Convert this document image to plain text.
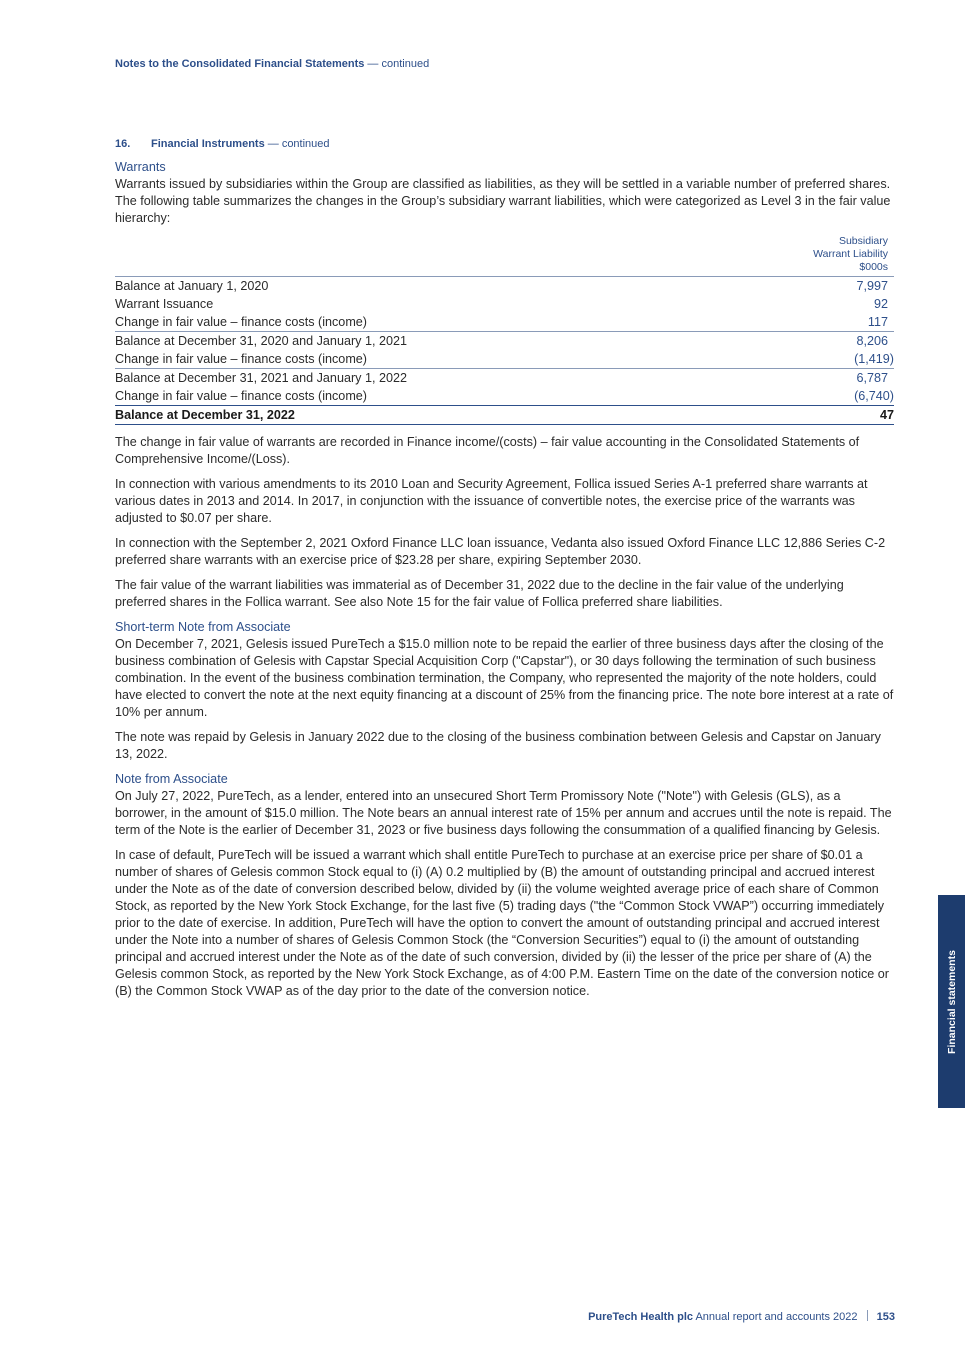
Notes to the Consolidated Financial Statements — continued
16. Financial Instruments — continued
Warrants

Warrants issued by subsidiaries within the Group are classified as liabilities, as they will be settled in a variable number of preferred shares. The following table summarizes the changes in the Group’s subsidiary warrant liabilities, which were categorized as Level 3 in the fair value hierarchy:

	Subsidiary
Warrant Liability
$000s

Balance at January 1, 2020	7,997
Warrant Issuance	92
Change in fair value – finance costs (income)	117
Balance at December 31, 2020 and January 1, 2021	8,206
Change in fair value – finance costs (income)	(1,419)
Balance at December 31, 2021 and January 1, 2022	6,787
Change in fair value – finance costs (income)	(6,740)
Balance at December 31, 2022	47

The change in fair value of warrants are recorded in Finance income/(costs) – fair value accounting in the Consolidated Statements of Comprehensive Income/(Loss).

In connection with various amendments to its 2010 Loan and Security Agreement, Follica issued Series A-1 preferred share warrants at various dates in 2013 and 2014. In 2017, in conjunction with the issuance of convertible notes, the exercise price of the warrants was adjusted to $0.07 per share.

In connection with the September 2, 2021 Oxford Finance LLC loan issuance, Vedanta also issued Oxford Finance LLC 12,886 Series C-2 preferred share warrants with an exercise price of $23.28 per share, expiring September 2030.

The fair value of the warrant liabilities was immaterial as of December 31, 2022 due to the decline in the fair value of the underlying preferred shares in the Follica warrant. See also Note 15 for the fair value of Follica preferred share liabilities.

Short-term Note from Associate

On December 7, 2021, Gelesis issued PureTech a $15.0 million note to be repaid the earlier of three business days after the closing of the business combination of Gelesis with Capstar Special Acquisition Corp ("Capstar"), or 30 days following the termination of such business combination. In the event of the business combination termination, the Company, who represented the majority of the note holders, could have elected to convert the note at the next equity financing at a discount of 25% from the financing price. The note bore interest at a rate of 10% per annum.

The note was repaid by Gelesis in January 2022 due to the closing of the business combination between Gelesis and Capstar on January 13, 2022.

Note from Associate

On July 27, 2022, PureTech, as a lender, entered into an unsecured Short Term Promissory Note ("Note") with Gelesis (GLS), as a borrower, in the amount of $15.0 million. The Note bears an annual interest rate of 15% per annum and accrues until the note is repaid. The term of the Note is the earlier of December 31, 2023 or five business days following the consummation of a qualified financing by Gelesis.

In case of default, PureTech will be issued a warrant which shall entitle PureTech to purchase at an exercise price per share of $0.01 a number of shares of Gelesis common Stock equal to (i) (A) 0.2 multiplied by (B) the amount of outstanding principal and accrued interest under the Note as of the date of conversion described below, divided by (ii) the volume weighted average price of each share of Common Stock, as reported by the New York Stock Exchange, for the last five (5) trading days ("the “Common Stock VWAP”) occurring immediately prior to the date of exercise. In addition, PureTech will have the option to convert the amount of outstanding principal and accrued interest under the Note into a number of shares of Gelesis Common Stock (the “Conversion Securities”) equal to (i) the amount of outstanding principal and accrued interest under the Note as of the date of such conversion, divided by (ii) the lesser of the price per share of (A) the Gelesis common Stock, as reported by the New York Stock Exchange, as of 4:00 P.M. Eastern Time on the date of the conversion notice or (B) the Common Stock VWAP as of the day prior to the date of the conversion notice.	Financial statements
PureTech Health plc Annual report and accounts 2022 153
